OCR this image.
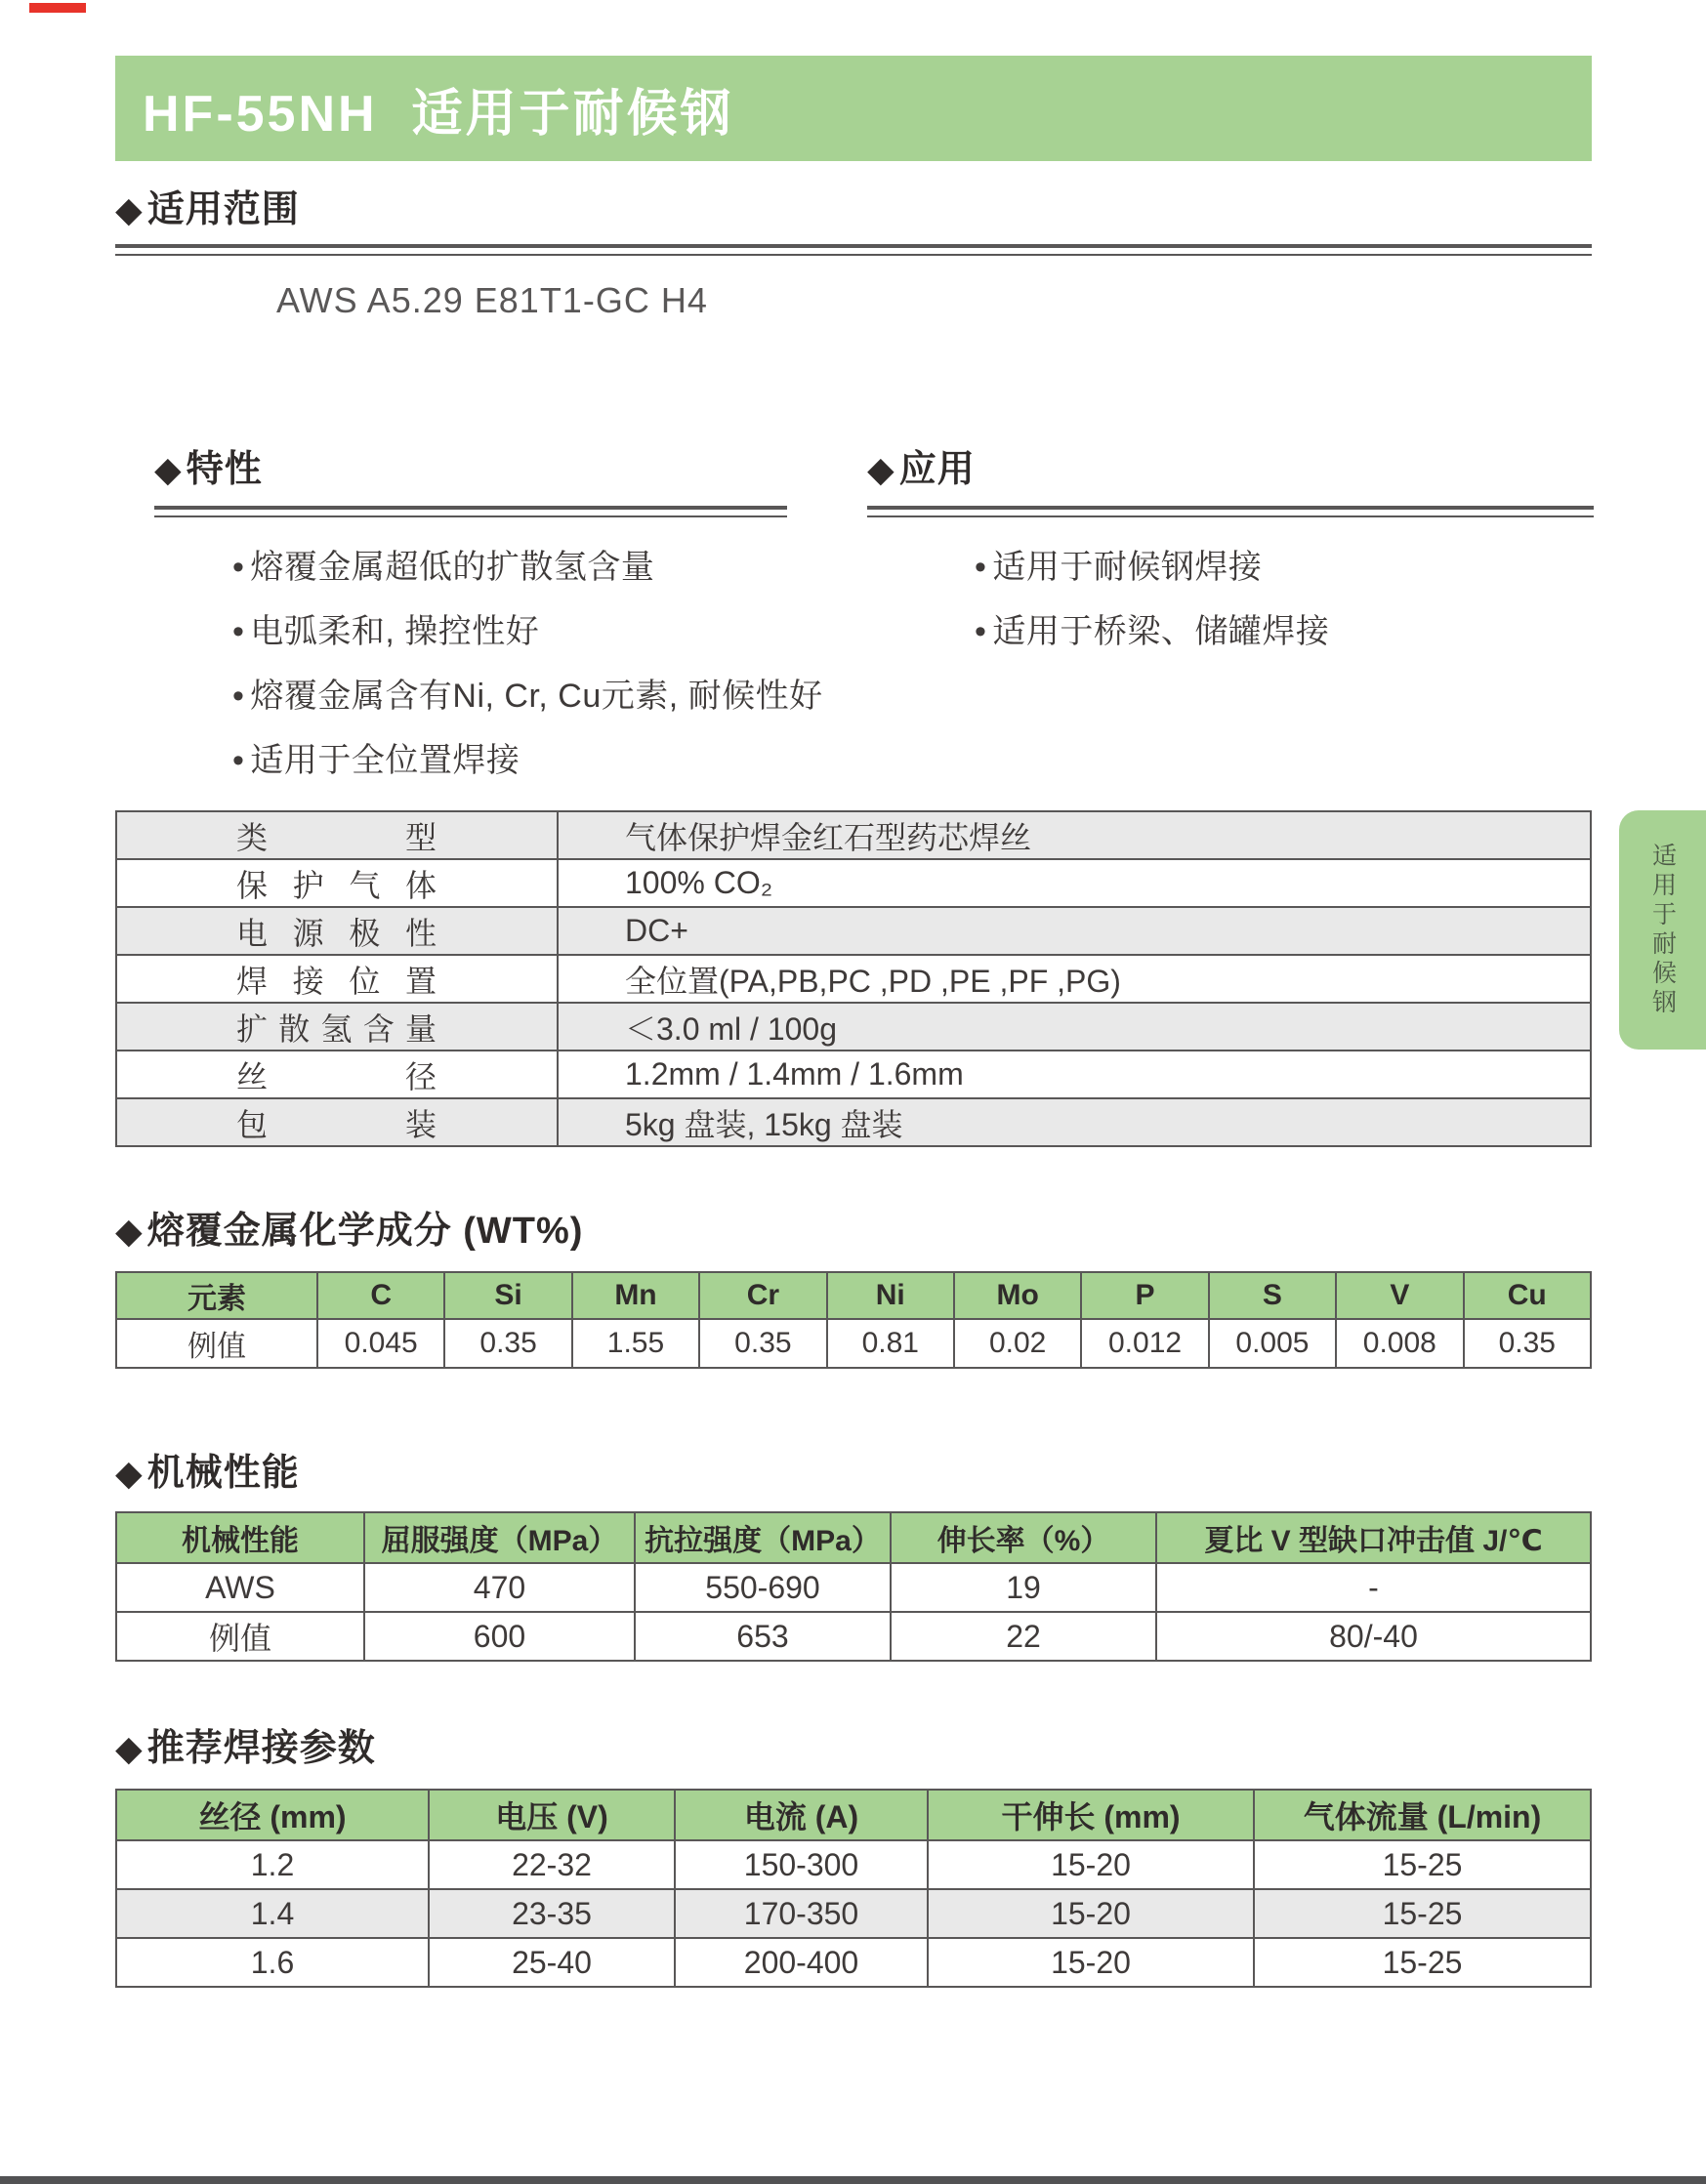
HF-55NH  适用于耐候钢
◆ 适用范围
AWS A5.29 E81T1-GC H4
◆ 特性
• 熔覆金属超低的扩散氢含量
• 电弧柔和, 操控性好
• 熔覆金属含有Ni, Cr, Cu元素, 耐候性好
• 适用于全位置焊接
◆ 应用
• 适用于耐候钢焊接
• 适用于桥梁、储罐焊接
类型	气体保护焊金红石型药芯焊丝

保护气体	100% CO₂

电源极性	DC+

焊接位置	全位置(PA,PB,PC ,PD ,PE ,PF ,PG)

扩散氢含量	＜3.0 ml / 100g

丝径	1.2mm / 1.4mm / 1.6mm

包装	5kg 盘装, 15kg 盘装
◆ 熔覆金属化学成分 (WT%)
元素	C	Si	Mn	Cr	Ni	Mo	P	S	V	Cu
例值	0.045	0.35	1.55	0.35	0.81	0.02	0.012	0.005	0.008	0.35
◆ 机械性能
机械性能	屈服强度（MPa）	抗拉强度（MPa）	伸长率（%）	夏比 V 型缺口冲击值 J/℃
AWS	470	550-690	19	-
例值	600	653	22	80/-40
◆ 推荐焊接参数
丝径 (mm)	电压 (V)	电流 (A)	干伸长 (mm)	气体流量 (L/min)
1.2	22-32	150-300	15-20	15-25
1.4	23-35	170-350	15-20	15-25
1.6	25-40	200-400	15-20	15-25
适用于耐候钢
